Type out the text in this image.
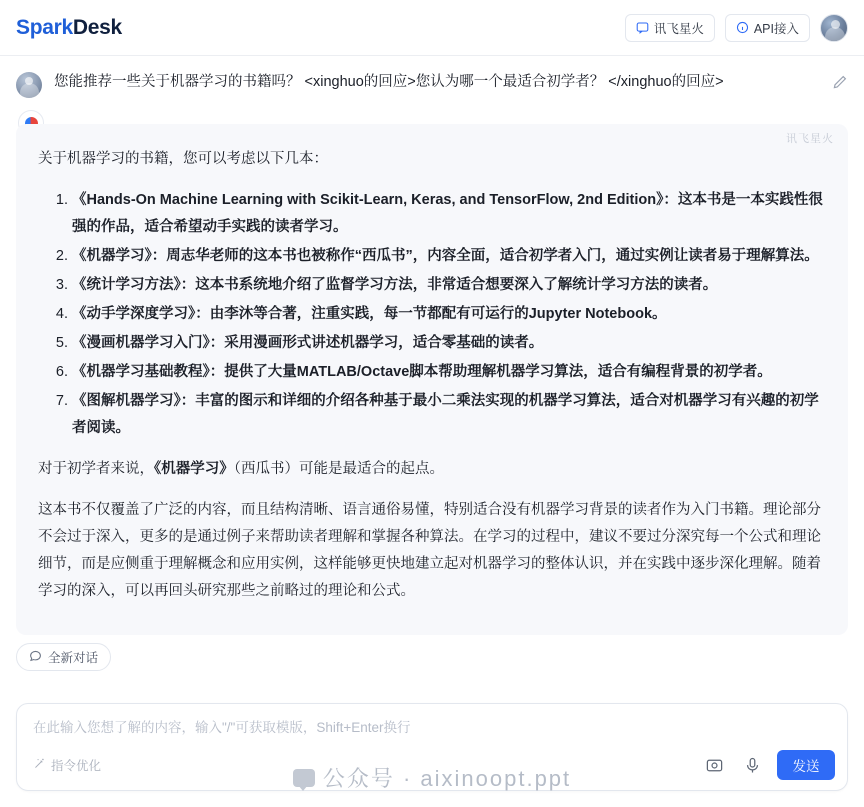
Spark Desk	讯飞星火	API接入
您能推荐一些关于机器学习的书籍吗？ <xinghuo的回应>您认为哪一个最适合初学者？ </xinghuo的回应>
讯飞星火

关于机器学习的书籍，您可以考虑以下几本：

1. 《Hands-On Machine Learning with Scikit-Learn, Keras, and TensorFlow, 2nd Edition》：这本书是一本实践性很强的作品，适合希望动手实践的读者学习。
2. 《机器学习》：周志华老师的这本书也被称作“西瓜书”，内容全面，适合初学者入门，通过实例让读者易于理解算法。
3. 《统计学习方法》：这本书系统地介绍了监督学习方法，非常适合想要深入了解统计学习方法的读者。
4. 《动手学深度学习》：由李沐等合著，注重实践，每一节都配有可运行的Jupyter Notebook。
5. 《漫画机器学习入门》：采用漫画形式讲述机器学习，适合零基础的读者。
6. 《机器学习基础教程》：提供了大量MATLAB/Octave脚本帮助理解机器学习算法，适合有编程背景的初学者。
7. 《图解机器学习》：丰富的图示和详细的介绍各种基于最小二乘法实现的机器学习算法，适合对机器学习有兴趣的初学者阅读。

对于初学者来说，《机器学习》（西瓜书）可能是最适合的起点。

这本书不仅覆盖了广泛的内容，而且结构清晰、语言通俗易懂，特别适合没有机器学习背景的读者作为入门书籍。理论部分不会过于深入，更多的是通过例子来帮助读者理解和掌握各种算法。在学习的过程中，建议不要过分深究每一个公式和理论细节，而是应侧重于理解概念和应用实例，这样能够更快地建立起对机器学习的整体认识，并在实践中逐步深化理解。随着学习的深入，可以再回头研究那些之前略过的理论和公式。

全新对话
在此输入您想了解的内容，输入"/"可获取模版，Shift+Enter换行
指令优化	发送
公众号 · aixinoopt.ppt
